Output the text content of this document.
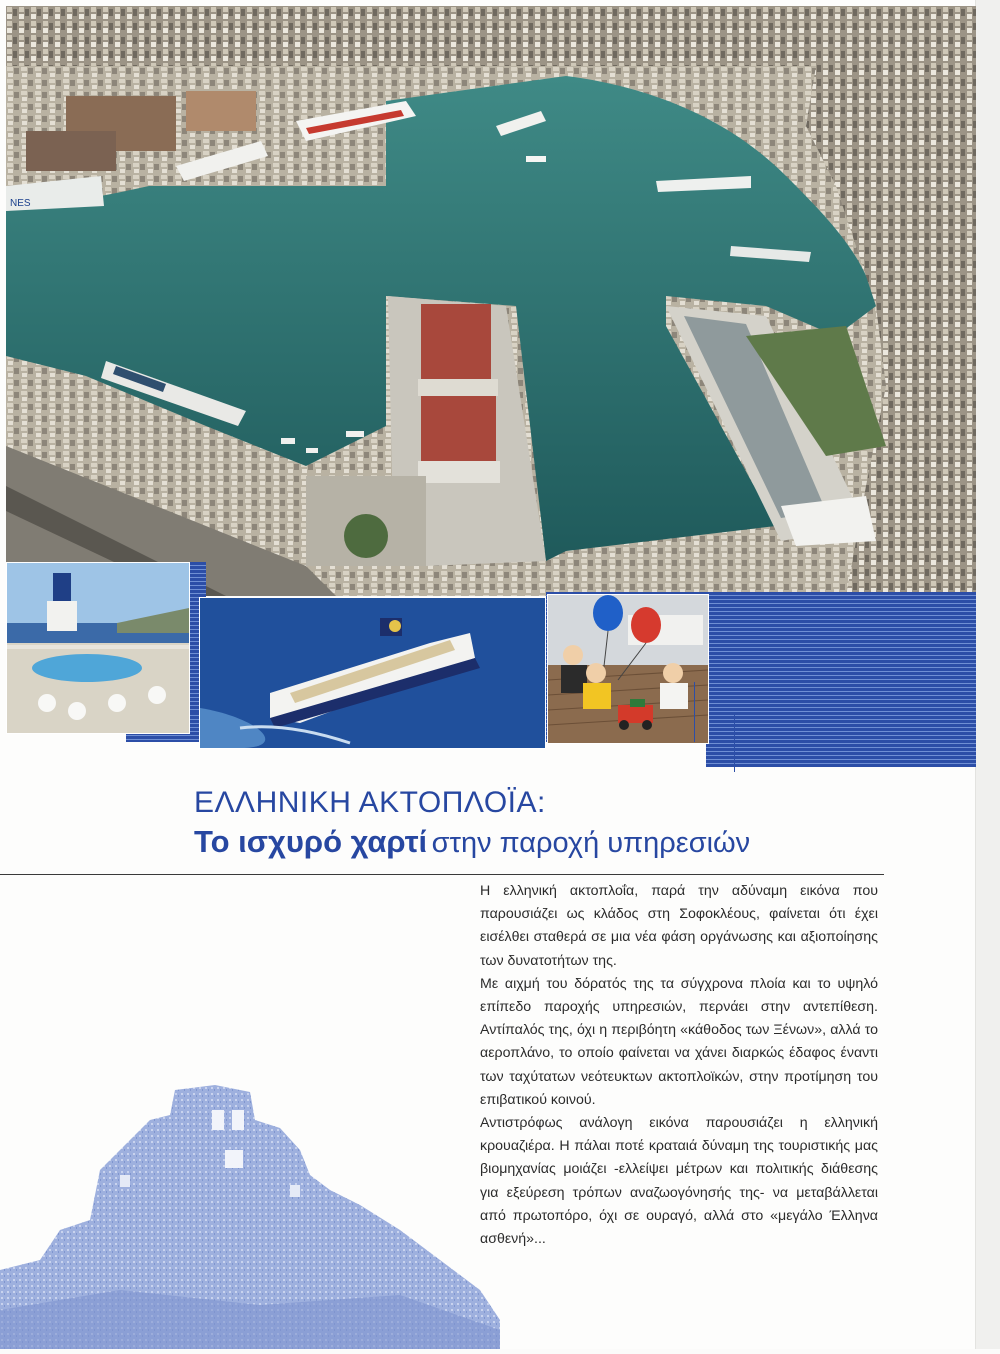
NES
ΕΛΛΗΝΙΚΗ ΑΚΤΟΠΛΟΪΑ:
Το ισχυρό χαρτί στην παροχή υπηρεσιών

Η ελληνική ακτοπλοΐα, παρά την αδύναμη εικόνα που παρουσιάζει ως κλάδος στη Σοφοκλέους, φαίνεται ότι έχει εισέλθει σταθερά σε μια νέα φάση οργάνωσης και αξιοποίησης των δυνατοτήτων της.

Με αιχμή του δόρατός της τα σύγχρονα πλοία και το υψηλό επίπεδο παροχής υπηρεσιών, περνάει στην αντεπίθεση. Αντίπαλός της, όχι η περιβόητη «κάθοδος των Ξένων», αλλά το αεροπλάνο, το οποίο φαίνεται να χάνει διαρκώς έδαφος έναντι των ταχύτατων νεότευκτων ακτοπλοϊκών, στην προτίμηση του επιβατικού κοινού.

Αντιστρόφως ανάλογη εικόνα παρουσιάζει η ελληνική κρουαζιέρα. Η πάλαι ποτέ κραταιά δύναμη της τουριστικής μας βιομηχανίας μοιάζει -ελλείψει μέτρων και πολιτικής διάθεσης για εξεύρεση τρόπων αναζωογόνησής της- να μεταβάλλεται από πρωτοπόρο, όχι σε ουραγό, αλλά στο «μεγάλο Έλληνα ασθενή»...
